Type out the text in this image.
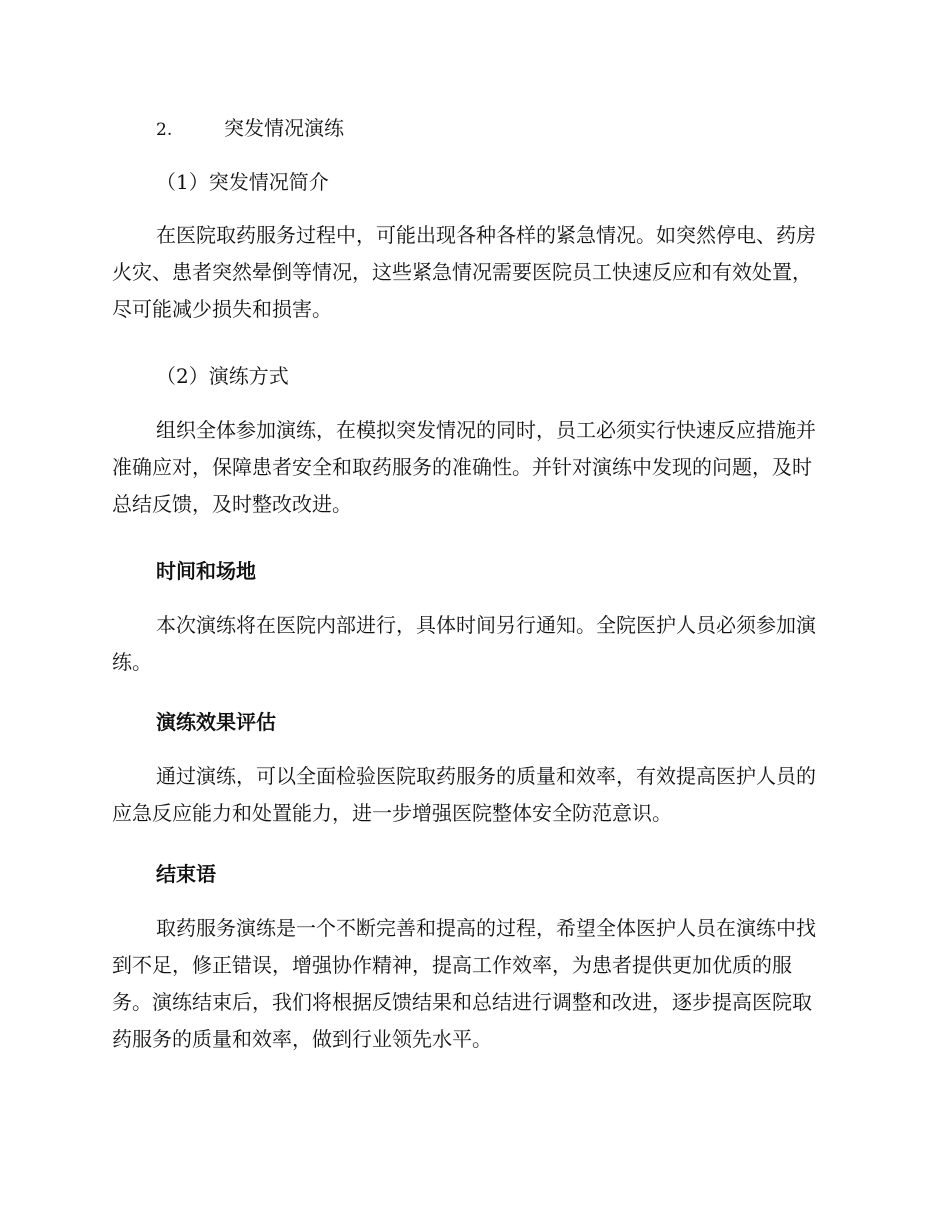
2.	突发情况演练
（1）突发情况简介

在医院取药服务过程中，可能出现各种各样的紧急情况。如突然停电、药房火灾、患者突然晕倒等情况，这些紧急情况需要医院员工快速反应和有效处置，尽可能减少损失和损害。

（2）演练方式

组织全体参加演练，在模拟突发情况的同时，员工必须实行快速反应措施并准确应对，保障患者安全和取药服务的准确性。并针对演练中发现的问题，及时总结反馈，及时整改改进。

时间和场地

本次演练将在医院内部进行，具体时间另行通知。全院医护人员必须参加演练。

演练效果评估

通过演练，可以全面检验医院取药服务的质量和效率，有效提高医护人员的应急反应能力和处置能力，进一步增强医院整体安全防范意识。

结束语

取药服务演练是一个不断完善和提高的过程，希望全体医护人员在演练中找到不足，修正错误，增强协作精神，提高工作效率，为患者提供更加优质的服务。演练结束后，我们将根据反馈结果和总结进行调整和改进，逐步提高医院取药服务的质量和效率，做到行业领先水平。
